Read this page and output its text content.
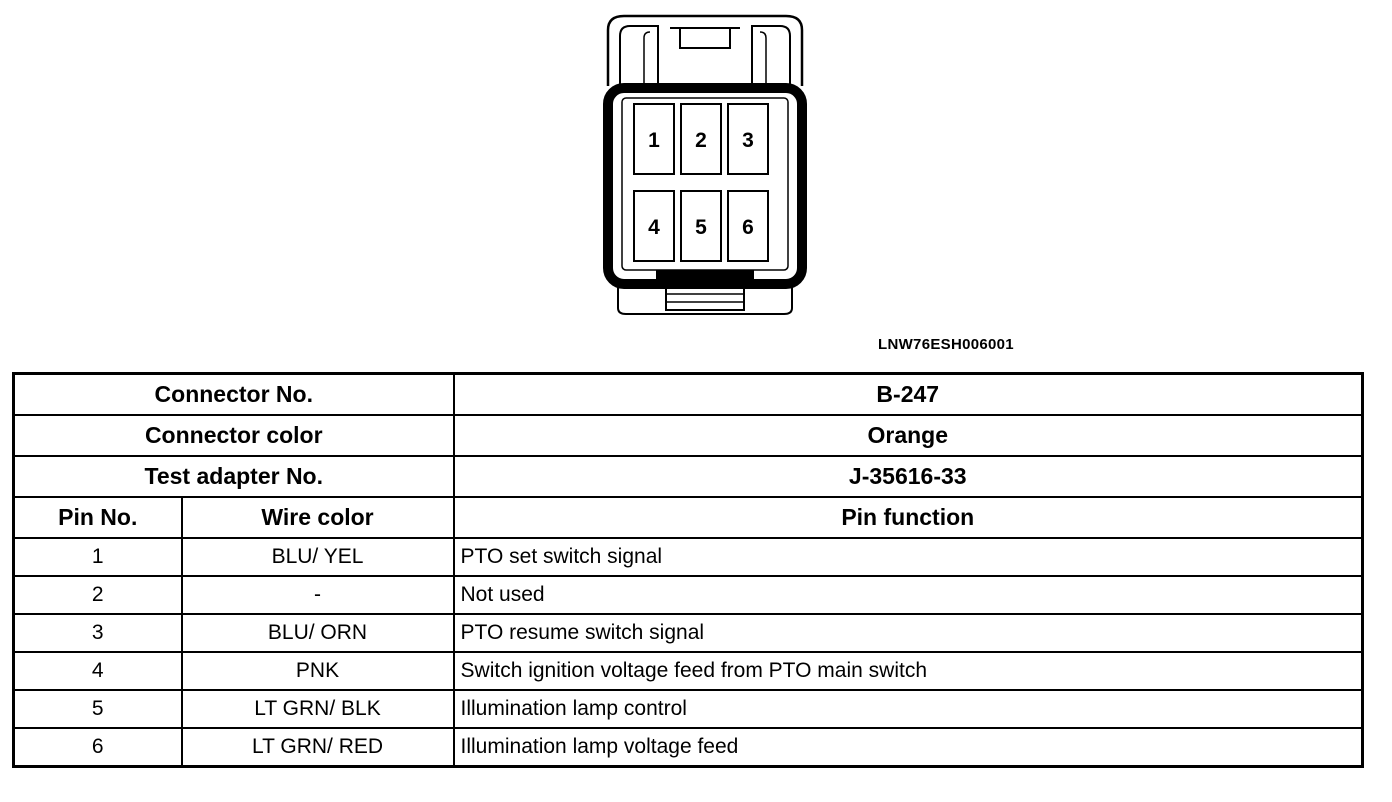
1 2 3
4 5 6
LNW76ESH006001
Connector No.		B-247
Connector color		Orange
Test adapter No.		J-35616-33
Pin No.	Wire color	Pin function
1	BLU/ YEL	PTO set switch signal
2	-	Not used
3	BLU/ ORN	PTO resume switch signal
4	PNK	Switch ignition voltage feed from PTO main switch
5	LT GRN/ BLK	Illumination lamp control
6	LT GRN/ RED	Illumination lamp voltage feed
